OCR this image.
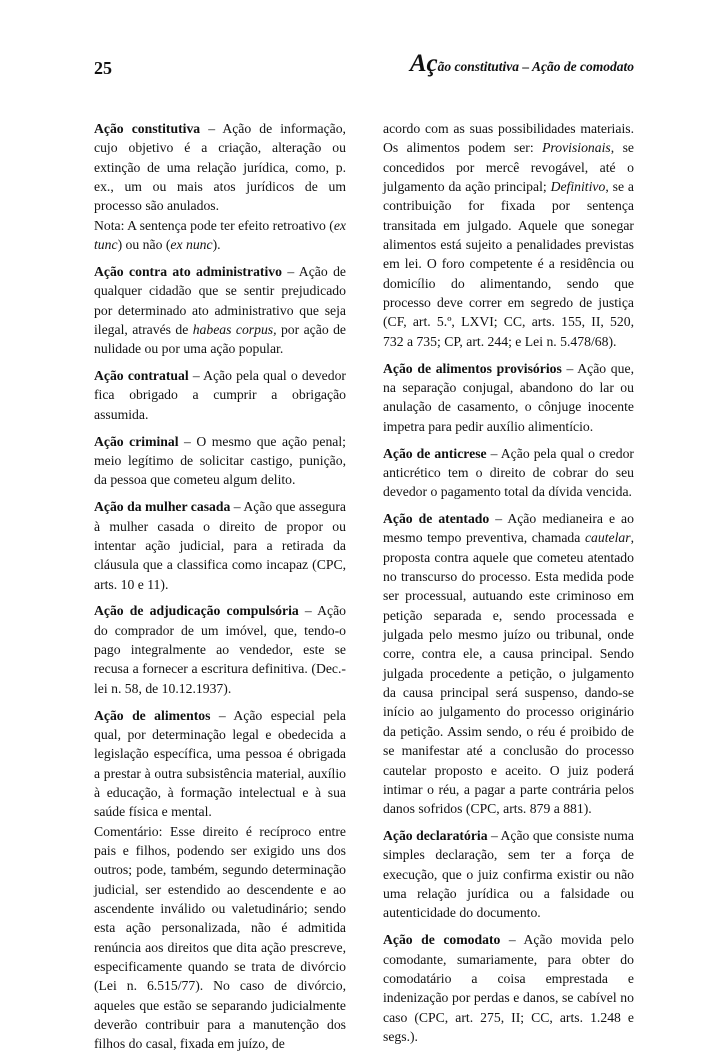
25	Ação constitutiva – Ação de comodato

Ação constitutiva – Ação de informação, cujo objetivo é a criação, alteração ou extinção de uma relação jurídica, como, p. ex., um ou mais atos jurídicos de um processo são anulados.
Nota: A sentença pode ter efeito retroativo (ex tunc) ou não (ex nunc).

Ação contra ato administrativo – Ação de qualquer cidadão que se sentir prejudicado por determinado ato administrativo que seja ilegal, através de habeas corpus, por ação de nulidade ou por uma ação popular.

Ação contratual – Ação pela qual o devedor fica obrigado a cumprir a obrigação assumida.

Ação criminal – O mesmo que ação penal; meio legítimo de solicitar castigo, punição, da pessoa que cometeu algum delito.

Ação da mulher casada – Ação que assegura à mulher casada o direito de propor ou intentar ação judicial, para a retirada da cláusula que a classifica como incapaz (CPC, arts. 10 e 11).

Ação de adjudicação compulsória – Ação do comprador de um imóvel, que, tendo-o pago integralmente ao vendedor, este se recusa a fornecer a escritura definitiva. (Dec.-lei n. 58, de 10.12.1937).

Ação de alimentos – Ação especial pela qual, por determinação legal e obedecida a legislação específica, uma pessoa é obrigada a prestar à outra subsistência material, auxílio à educação, à formação intelectual e à sua saúde física e mental.
Comentário: Esse direito é recíproco entre pais e filhos, podendo ser exigido uns dos outros; pode, também, segundo determinação judicial, ser estendido ao descendente e ao ascendente inválido ou valetudinário; sendo esta ação personalizada, não é admitida renúncia aos direitos que dita ação prescreve, especificamente quando se trata de divórcio (Lei n. 6.515/77). No caso de divórcio, aqueles que estão se separando judicialmente deverão contribuir para a manutenção dos filhos do casal, fixada em juízo, de

acordo com as suas possibilidades materiais. Os alimentos podem ser: Provisionais, se concedidos por mercê revogável, até o julgamento da ação principal; Definitivo, se a contribuição for fixada por sentença transitada em julgado. Aquele que sonegar alimentos está sujeito a penalidades previstas em lei. O foro competente é a residência ou domicílio do alimentando, sendo que processo deve correr em segredo de justiça (CF, art. 5.º, LXVI; CC, arts. 155, II, 520, 732 a 735; CP, art. 244; e Lei n. 5.478/68).

Ação de alimentos provisórios – Ação que, na separação conjugal, abandono do lar ou anulação de casamento, o cônjuge inocente impetra para pedir auxílio alimentício.

Ação de anticrese – Ação pela qual o credor anticrético tem o direito de cobrar do seu devedor o pagamento total da dívida vencida.

Ação de atentado – Ação medianeira e ao mesmo tempo preventiva, chamada cautelar, proposta contra aquele que cometeu atentado no transcurso do processo. Esta medida pode ser processual, autuando este criminoso em petição separada e, sendo processada e julgada pelo mesmo juízo ou tribunal, onde corre, contra ele, a causa principal. Sendo julgada procedente a petição, o julgamento da causa principal será suspenso, dando-se início ao julgamento do processo originário da petição. Assim sendo, o réu é proibido de se manifestar até a conclusão do processo cautelar proposto e aceito. O juiz poderá intimar o réu, a pagar a parte contrária pelos danos sofridos (CPC, arts. 879 a 881).

Ação declaratória – Ação que consiste numa simples declaração, sem ter a força de execução, que o juiz confirma existir ou não uma relação jurídica ou a falsidade ou autenticidade do documento.

Ação de comodato – Ação movida pelo comodante, sumariamente, para obter do comodatário a coisa emprestada e indenização por perdas e danos, se cabível no caso (CPC, art. 275, II; CC, arts. 1.248 e segs.).
